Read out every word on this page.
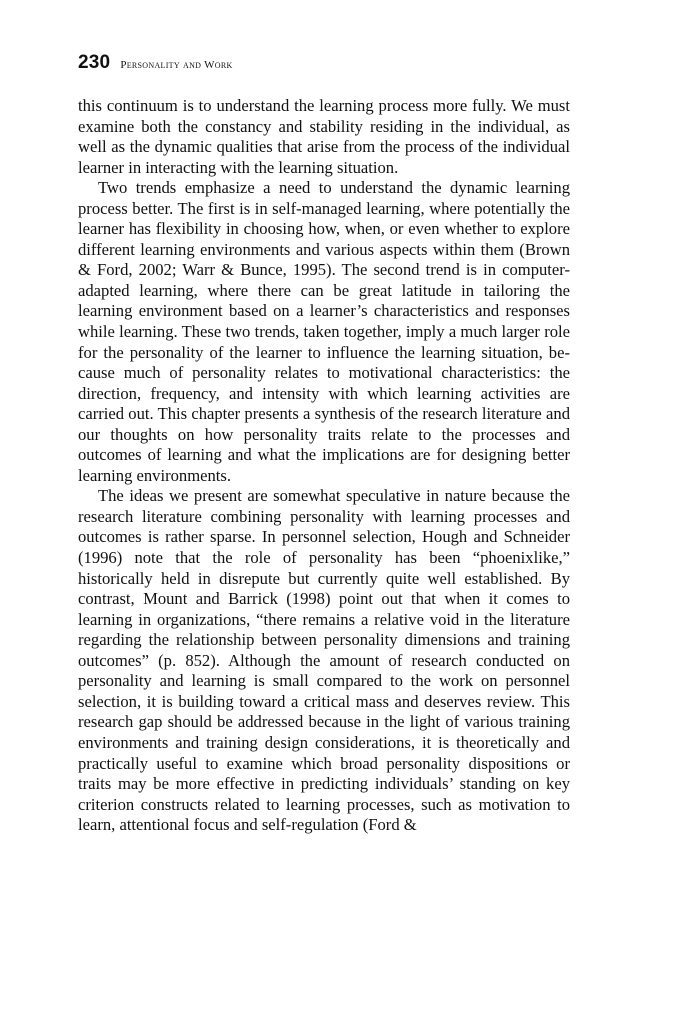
230 Personality and Work

this continuum is to understand the learning process more fully. We must examine both the constancy and stability residing in the individual, as well as the dynamic qualities that arise from the process of the individual learner in interacting with the learning situation.

Two trends emphasize a need to understand the dynamic learning process better. The first is in self-managed learning, where potentially the learner has flexibility in choosing how, when, or even whether to explore different learning environments and various aspects within them (Brown & Ford, 2002; Warr & Bunce, 1995). The second trend is in computer-adapted learning, where there can be great latitude in tailoring the learning environment based on a learner’s characteristics and responses while learning. These two trends, taken together, imply a much larger role for the personality of the learner to influence the learning situation, because much of personality relates to motivational characteristics: the direction, frequency, and intensity with which learning activities are carried out. This chapter presents a synthesis of the research literature and our thoughts on how personality traits relate to the processes and outcomes of learning and what the implications are for designing better learning environments.

The ideas we present are somewhat speculative in nature because the research literature combining personality with learning processes and outcomes is rather sparse. In personnel selection, Hough and Schneider (1996) note that the role of personality has been “phoenixlike,” historically held in disrepute but currently quite well established. By contrast, Mount and Barrick (1998) point out that when it comes to learning in organizations, “there remains a relative void in the literature regarding the relationship between personality dimensions and training outcomes” (p. 852). Although the amount of research conducted on personality and learning is small compared to the work on personnel selection, it is building toward a critical mass and deserves review. This research gap should be addressed because in the light of various training environments and training design considerations, it is theoretically and practically useful to examine which broad personality dispositions or traits may be more effective in predicting individuals’ standing on key criterion constructs related to learning processes, such as motivation to learn, attentional focus and self-regulation (Ford &
